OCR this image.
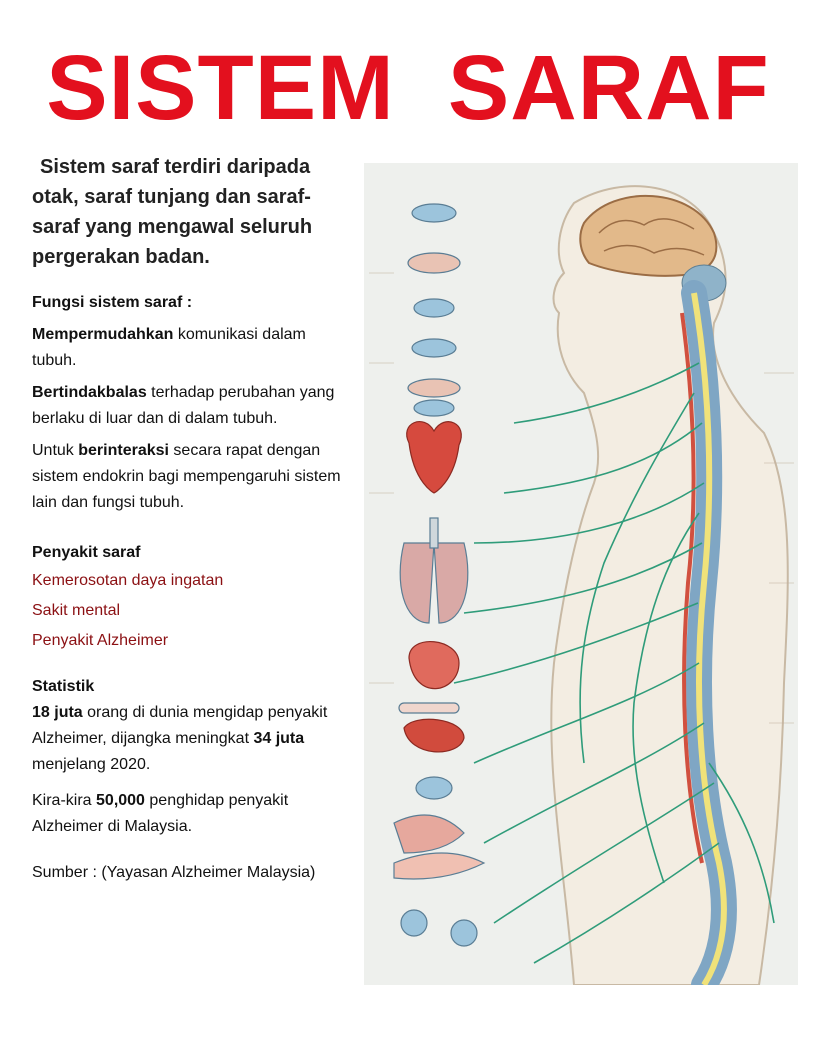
SISTEM  SARAF

Sistem saraf terdiri daripada otak, saraf tunjang dan saraf-saraf yang mengawal seluruh pergerakan badan.

Fungsi sistem saraf :

Mempermudahkan komunikasi dalam tubuh.

Bertindakbalas terhadap perubahan yang berlaku di luar dan di dalam tubuh.

Untuk berinteraksi secara rapat dengan sistem endokrin bagi mempengaruhi sistem lain dan fungsi tubuh.

Penyakit saraf

Kemerosotan daya ingatan

Sakit mental

Penyakit Alzheimer

Statistik

18 juta orang di dunia mengidap penyakit Alzheimer, dijangka meningkat 34 juta menjelang 2020.

Kira-kira 50,000 penghidap penyakit Alzheimer di Malaysia.

Sumber : (Yayasan Alzheimer Malaysia)
